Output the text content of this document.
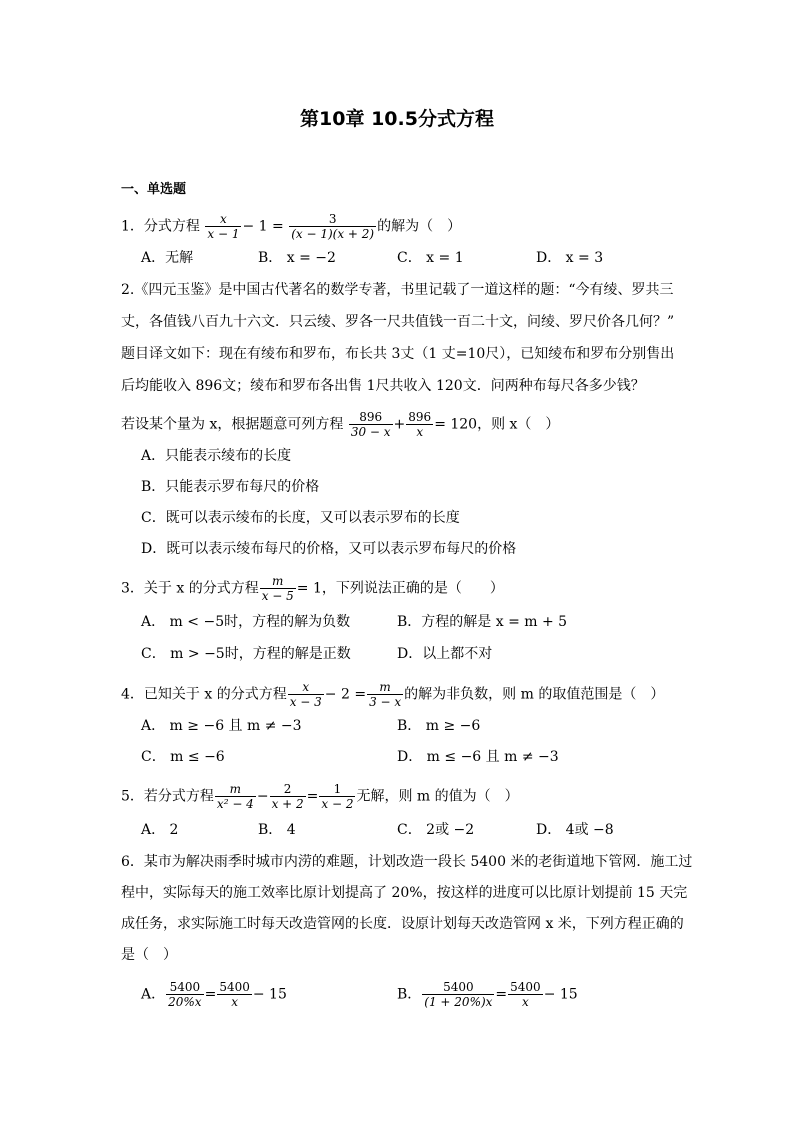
第10章 10.5分式方程
一、单选题
1．分式方程 $\frac{x}{x - 1} - 1 = \frac{3}{(x - 1)(x + 2)}$ 的解为（　）
A．无解	B． x = −2	C． x = 1	D． x = 3
2.《四元玉鉴》是中国古代著名的数学专著，书里记载了一道这样的题：“今有绫、罗共三
丈，各值钱八百九十六文．只云绫、罗各一尺共值钱一百二十文，问绫、罗尺价各几何？”
题目译文如下：现在有绫布和罗布，布长共 3丈（1 丈=10尺），已知绫布和罗布分别售出
后均能收入 896文；绫布和罗布各出售 1尺共收入 120文．问两种布每尺各多少钱？
若设某个量为 x，根据题意可列方程 $\frac{896}{30 - x} + \frac{896}{x} = 120$，则 x（　）
A．只能表示绫布的长度
B．只能表示罗布每尺的价格
C．既可以表示绫布的长度，又可以表示罗布的长度
D．既可以表示绫布每尺的价格，又可以表示罗布每尺的价格
3．关于 x 的分式方程 $\frac{m}{x - 5} = 1$，下列说法正确的是（　　）
A． m < −5时，方程的解为负数	B．方程的解是 x = m + 5
C． m > −5时，方程的解是正数	D．以上都不对
4．已知关于 x 的分式方程 $\frac{x}{x - 3} - 2 = \frac{m}{3 - x}$ 的解为非负数，则 m 的取值范围是（　）
A． m ≥ −6 且 m ≠ −3	B． m ≥ −6
C． m ≤ −6	D． m ≤ −6 且 m ≠ −3
5．若分式方程 $\frac{m}{\text{x² − 4}} - \frac{2}{x + 2} = \frac{1}{x - 2}$ 无解，则 m 的值为（　）
A． 2	B． 4	C． 2或 −2	D． 4或 −8
6．某市为解决雨季时城市内涝的难题，计划改造一段长 5400 米的老街道地下管网．施工过
程中，实际每天的施工效率比原计划提高了 20%，按这样的进度可以比原计划提前 15 天完
成任务，求实际施工时每天改造管网的长度．设原计划每天改造管网 x 米，下列方程正确的
是（　）
A． $\frac{5400}{20\%x} = \frac{5400}{x} - 15$	B． $\frac{5400}{(1 + 20\%)x} = \frac{5400}{x} - 15$
